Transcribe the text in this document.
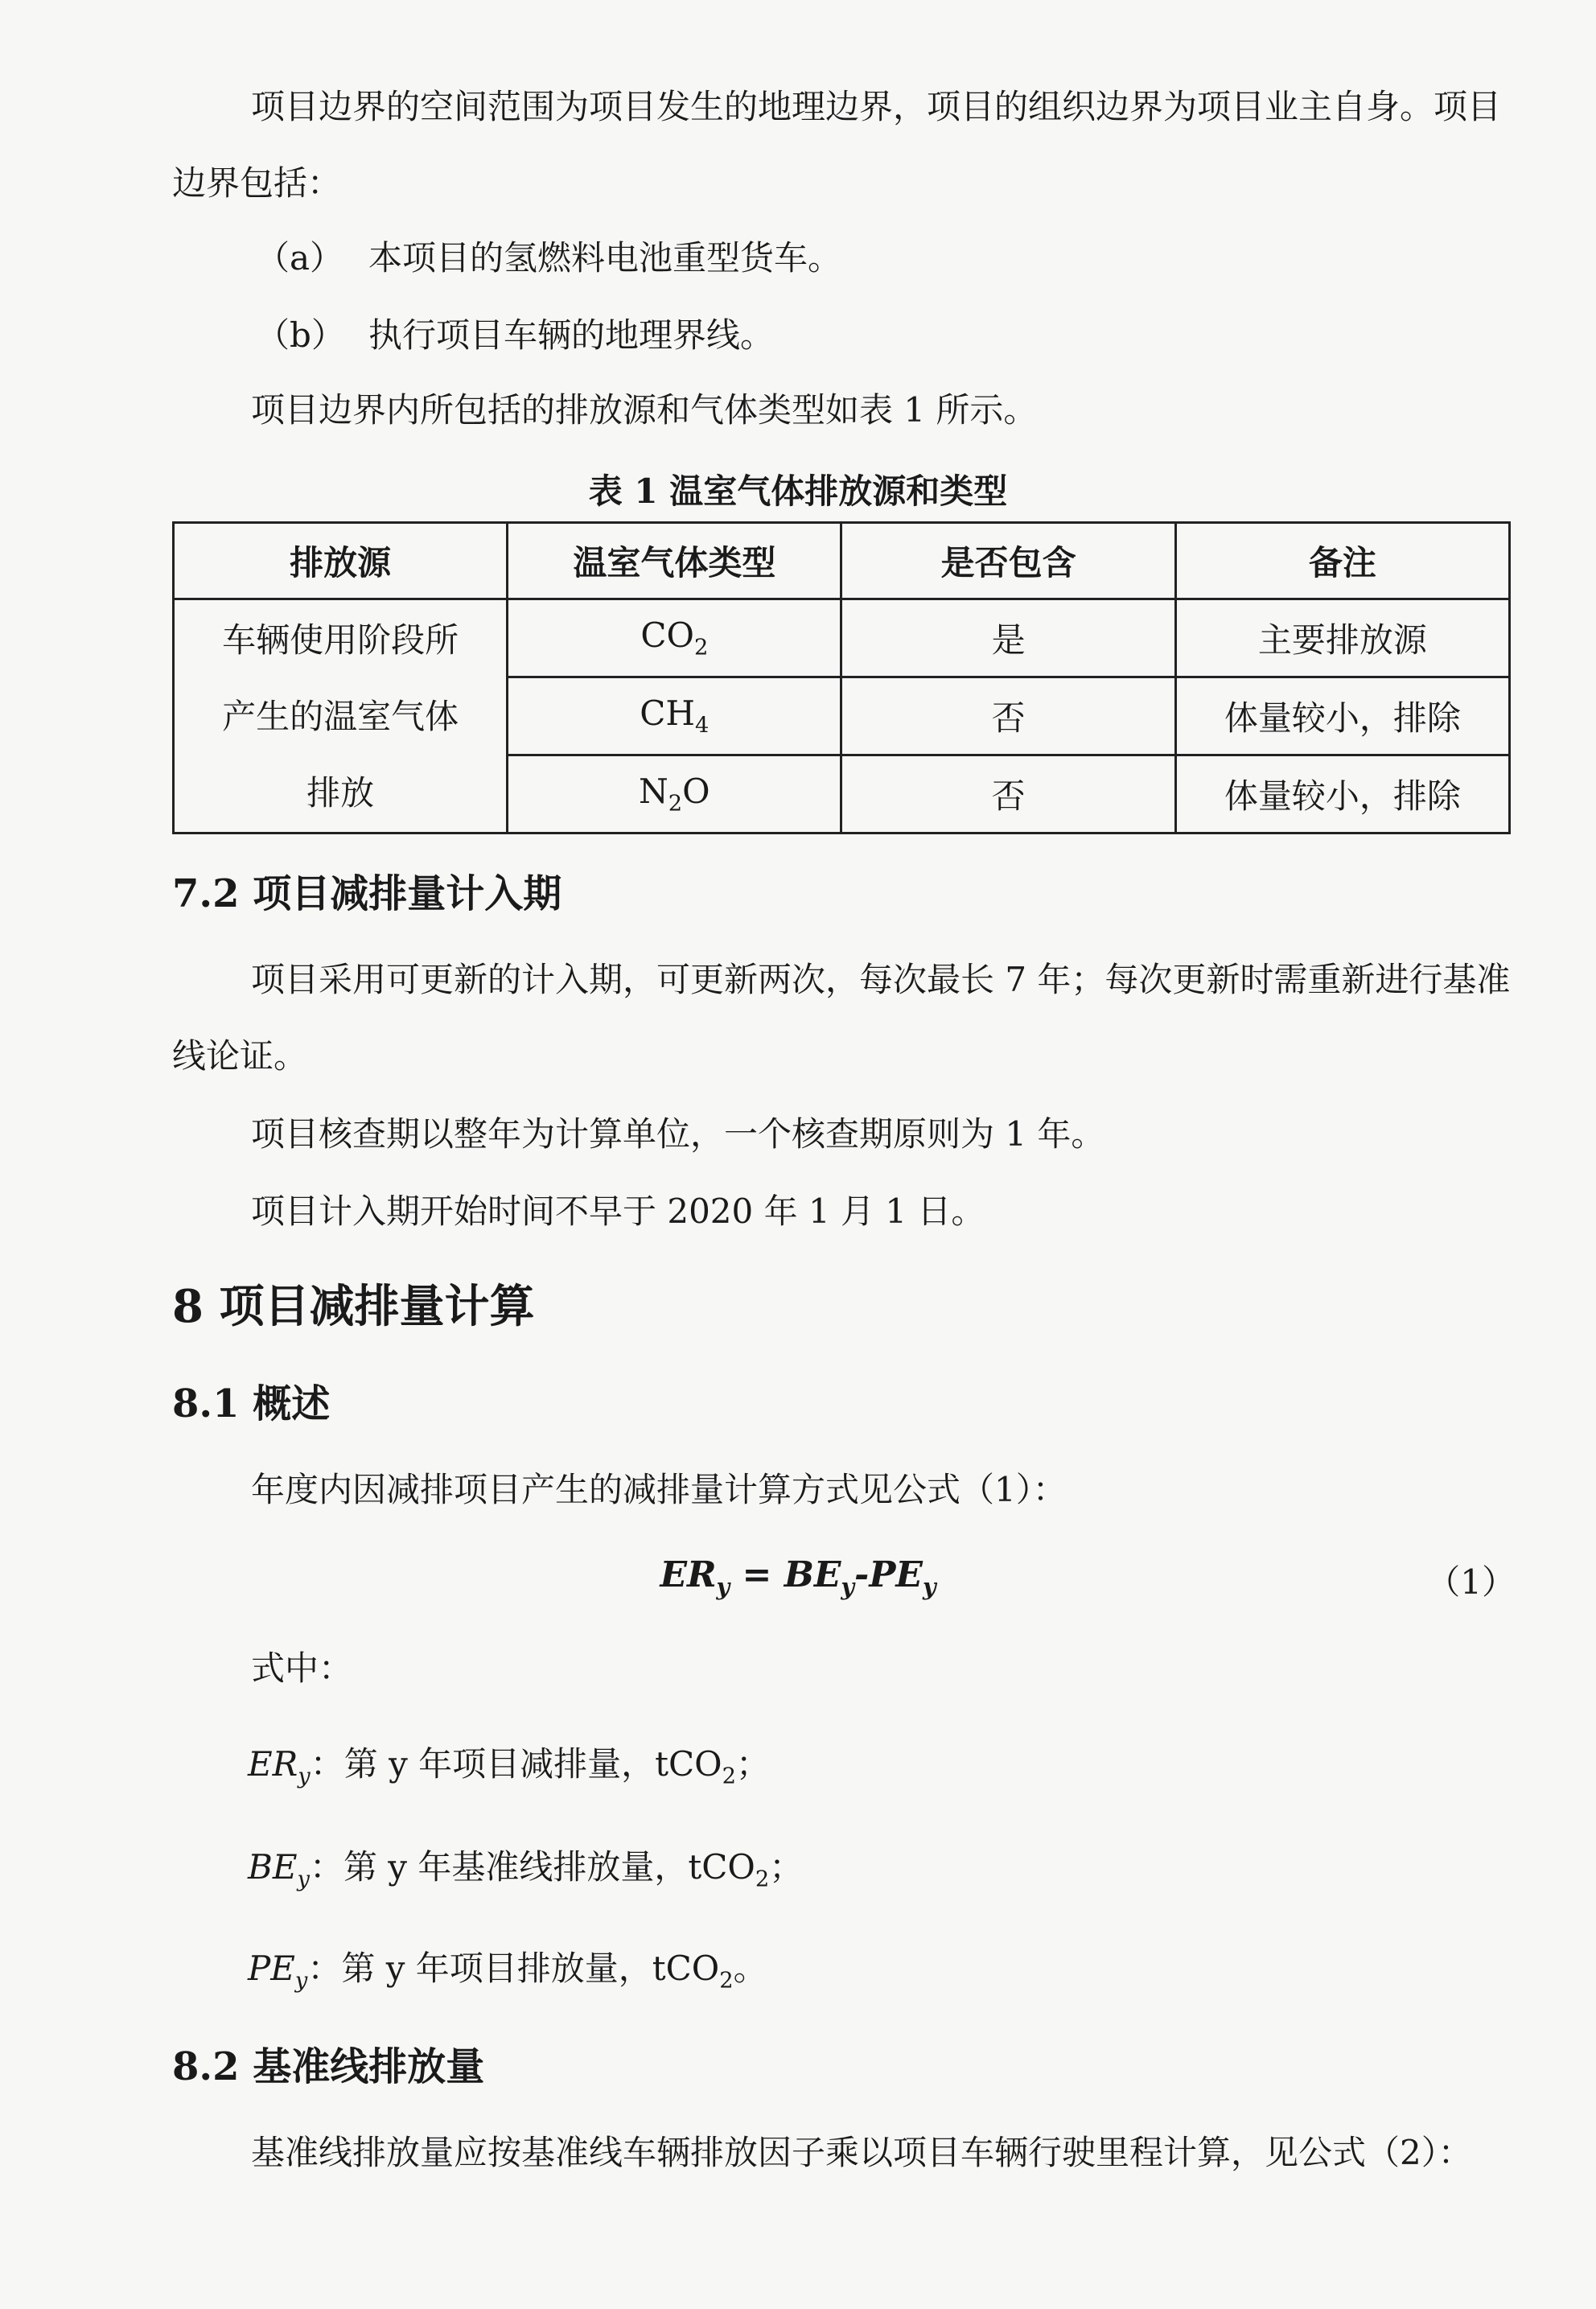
项目边界的空间范围为项目发生的地理边界，项目的组织边界为项目业主自身。项目边界包括：

（a） 本项目的氢燃料电池重型货车。

（b） 执行项目车辆的地理界线。

项目边界内所包括的排放源和气体类型如表 1 所示。

表 1 温室气体排放源和类型
排放源	温室气体类型	是否包含	备注

车辆使用阶段所
产生的温室气体
排放	$CO_2$	是	主要排放源
	$CH_4$	否	体量较小，排除
	$N_2O$	否	体量较小，排除
7.2 项目减排量计入期

项目采用可更新的计入期，可更新两次，每次最长 7 年；每次更新时需重新进行基准线论证。

项目核查期以整年为计算单位，一个核查期原则为 1 年。

项目计入期开始时间不早于 2020 年 1 月 1 日。

8 项目减排量计算
8.1 概述

年度内因减排项目产生的减排量计算方式见公式（1）：

$ER_y = BE_y-PE_y$	（1）

式中：

$ER_y$：第 y 年项目减排量，tCO$_2$；
$BE_y$：第 y 年基准线排放量，tCO$_2$；
$PE_y$：第 y 年项目排放量，tCO$_2$。
8.2 基准线排放量

基准线排放量应按基准线车辆排放因子乘以项目车辆行驶里程计算，见公式（2）：
